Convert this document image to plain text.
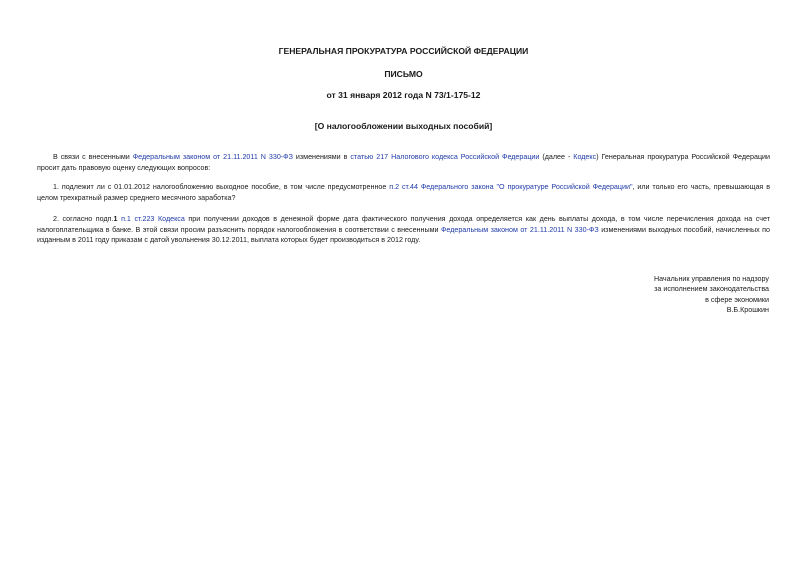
ГЕНЕРАЛЬНАЯ ПРОКУРАТУРА РОССИЙСКОЙ ФЕДЕРАЦИИ
ПИСЬМО
от 31 января 2012 года N 73/1-175-12
[О налогообложении выходных пособий]
В связи с внесенными Федеральным законом от 21.11.2011 N 330-ФЗ изменениями в статью 217 Налогового кодекса Российской Федерации (далее - Кодекс) Генеральная прокуратура Российской Федерации просит дать правовую оценку следующих вопросов:
1. подлежит ли с 01.01.2012 налогообложению выходное пособие, в том числе предусмотренное п.2 ст.44 Федерального закона "О прокуратуре Российской Федерации", или только его часть, превышающая в целом трехкратный размер среднего месячного заработка?
2. согласно подп.1 п.1 ст.223 Кодекса при получении доходов в денежной форме дата фактического получения дохода определяется как день выплаты дохода, в том числе перечисления дохода на счет налогоплательщика в банке. В этой связи просим разъяснить порядок налогообложения в соответствии с внесенными Федеральным законом от 21.11.2011 N 330-ФЗ изменениями выходных пособий, начисленных по изданным в 2011 году приказам с датой увольнения 30.12.2011, выплата которых будет производиться в 2012 году.
Начальник управления по надзору
за исполнением законодательства
в сфере экономики
В.Б.Крошкин
